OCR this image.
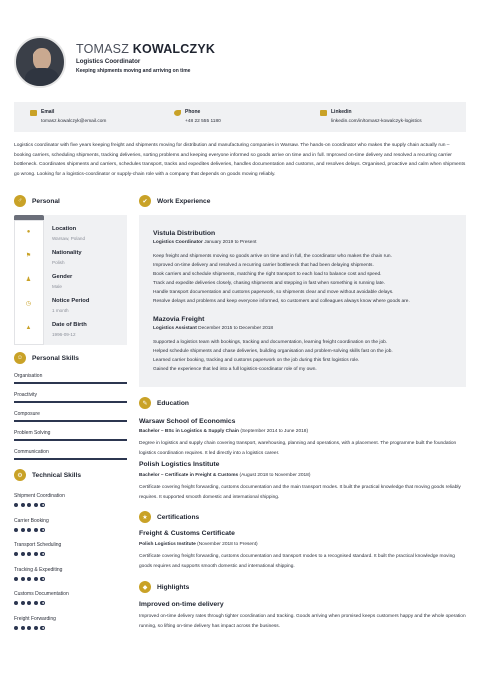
TOMASZ KOWALCZYK
Logistics Coordinator
Keeping shipments moving and arriving on time
Email
tomasz.kowalczyk@email.com
Phone
+48 22 555 1180
Linkedin
linkedin.com/in/tomasz-kowalczyk-logistics
Logistics coordinator with five years keeping freight and shipments moving for distribution and manufacturing companies in Warsaw. The hands-on coordinator who makes the supply chain actually run – booking carriers, scheduling shipments, tracking deliveries, sorting problems and keeping everyone informed so goods arrive on time and in full. Improved on-time delivery and resolved a recurring carrier bottleneck. Coordinates shipments and carriers, schedules transport, tracks and expedites deliveries, handles documentation and customs, and resolves delays. Organised, proactive and calm when shipments go wrong. Looking for a logistics-coordinator or supply-chain role with a company that depends on goods moving reliably.
♂	Personal
●	Location
Warsaw, Poland
⚑	Nationality
Polish
♟	Gender
Male
◷	Notice Period
1 month
▲	Date of Birth
1996-09-12
☺	Personal Skills
Organisation
Proactivity
Composure
Problem Solving
Communication
⚙	Technical Skills
Shipment Coordination
Carrier Booking
Transport Scheduling
Tracking & Expediting
Customs Documentation
Freight Forwarding
✔	Work Experience
Vistula Distribution
Logistics Coordinator January 2019 to Present
Keep freight and shipments moving so goods arrive on time and in full, the coordinator who makes the chain run.
Improved on-time delivery and resolved a recurring carrier bottleneck that had been delaying shipments.
Book carriers and schedule shipments, matching the right transport to each load to balance cost and speed.
Track and expedite deliveries closely, chasing shipments and stepping in fast when something is running late.
Handle transport documentation and customs paperwork, so shipments clear and move without avoidable delays.
Resolve delays and problems and keep everyone informed, so customers and colleagues always know where goods are.
Mazovia Freight
Logistics Assistant December 2015 to December 2018
Supported a logistics team with bookings, tracking and documentation, learning freight coordination on the job.
Helped schedule shipments and chase deliveries, building organisation and problem-solving skills fast on the job.
Learned carrier booking, tracking and customs paperwork on the job during this first logistics role.
Gained the experience that led into a full logistics-coordinator role of my own.
✎	Education
Warsaw School of Economics
Bachelor – BSc in Logistics & Supply Chain (September 2014 to June 2018)
Degree in logistics and supply chain covering transport, warehousing, planning and operations, with a placement. The programme built the foundation logistics coordination requires. It led directly into a logistics career.
Polish Logistics Institute
Bachelor – Certificate in Freight & Customs (August 2018 to November 2018)
Certificate covering freight forwarding, customs documentation and the main transport modes. It built the practical knowledge that moving goods reliably requires. It supported smooth domestic and international shipping.
★	Certifications
Freight & Customs Certificate
Polish Logistics Institute (November 2018 to Present)
Certificate covering freight forwarding, customs documentation and transport modes to a recognised standard. It built the practical knowledge moving goods requires and supports smooth domestic and international shipping.
◆	Highlights
Improved on-time delivery
Improved on-time delivery rates through tighter coordination and tracking. Goods arriving when promised keeps customers happy and the whole operation running, so lifting on-time delivery has impact across the business.
